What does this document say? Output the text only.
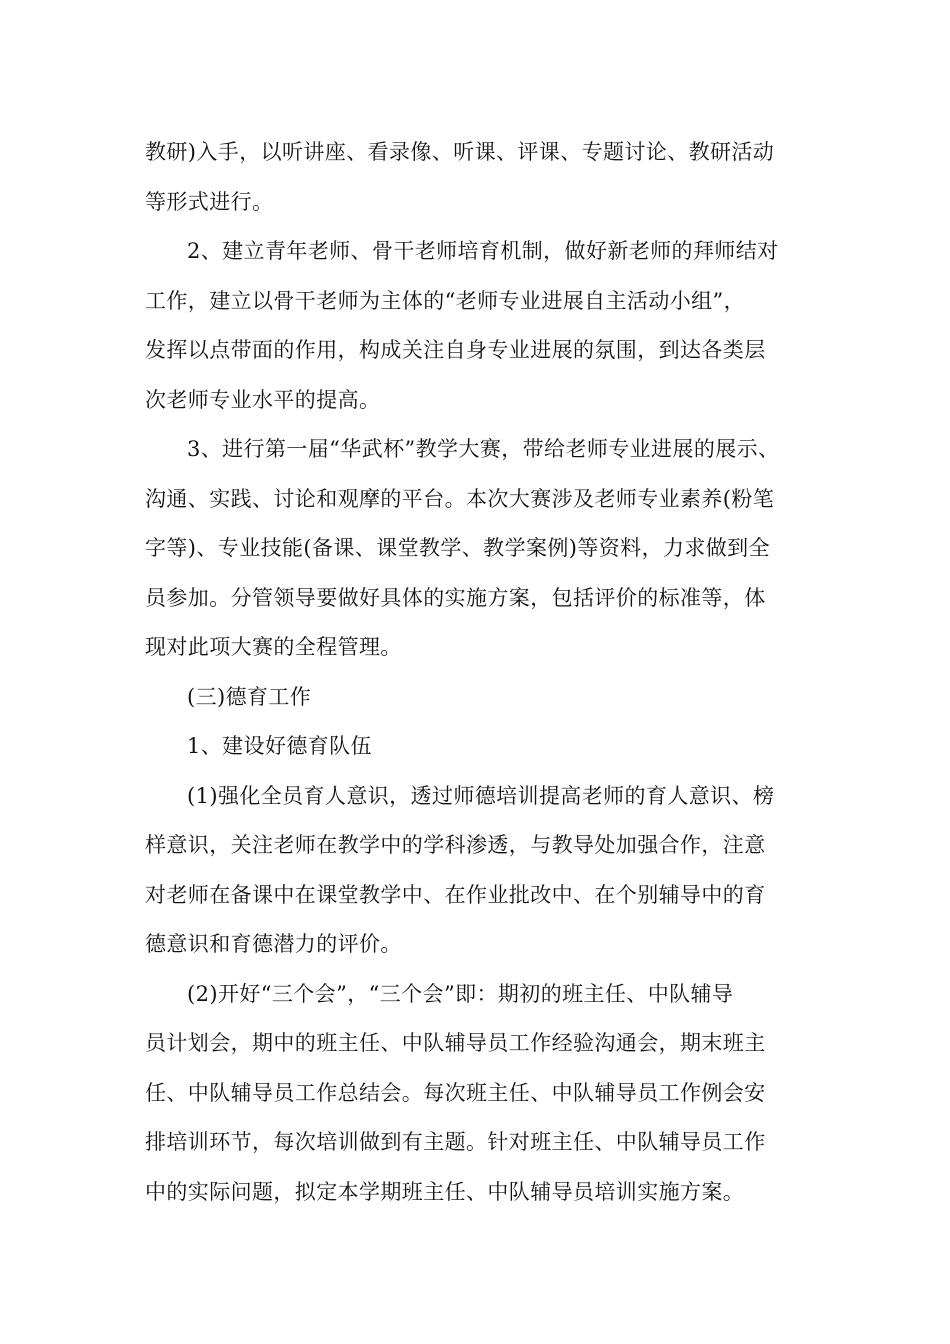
教研)入手，以听讲座、看录像、听课、评课、专题讨论、教研活动
等形式进行。
2、建立青年老师、骨干老师培育机制，做好新老师的拜师结对
工作，建立以骨干老师为主体的“老师专业进展自主活动小组”，
发挥以点带面的作用，构成关注自身专业进展的氛围，到达各类层
次老师专业水平的提高。
3、进行第一届“华武杯”教学大赛，带给老师专业进展的展示、
沟通、实践、讨论和观摩的平台。本次大赛涉及老师专业素养(粉笔
字等)、专业技能(备课、课堂教学、教学案例)等资料，力求做到全
员参加。分管领导要做好具体的实施方案，包括评价的标准等，体
现对此项大赛的全程管理。
(三)德育工作
1、建设好德育队伍
(1)强化全员育人意识，透过师德培训提高老师的育人意识、榜
样意识，关注老师在教学中的学科渗透，与教导处加强合作，注意
对老师在备课中在课堂教学中、在作业批改中、在个别辅导中的育
德意识和育德潜力的评价。
(2)开好“三个会”，“三个会”即：期初的班主任、中队辅导
员计划会，期中的班主任、中队辅导员工作经验沟通会，期末班主
任、中队辅导员工作总结会。每次班主任、中队辅导员工作例会安
排培训环节，每次培训做到有主题。针对班主任、中队辅导员工作
中的实际问题，拟定本学期班主任、中队辅导员培训实施方案。
